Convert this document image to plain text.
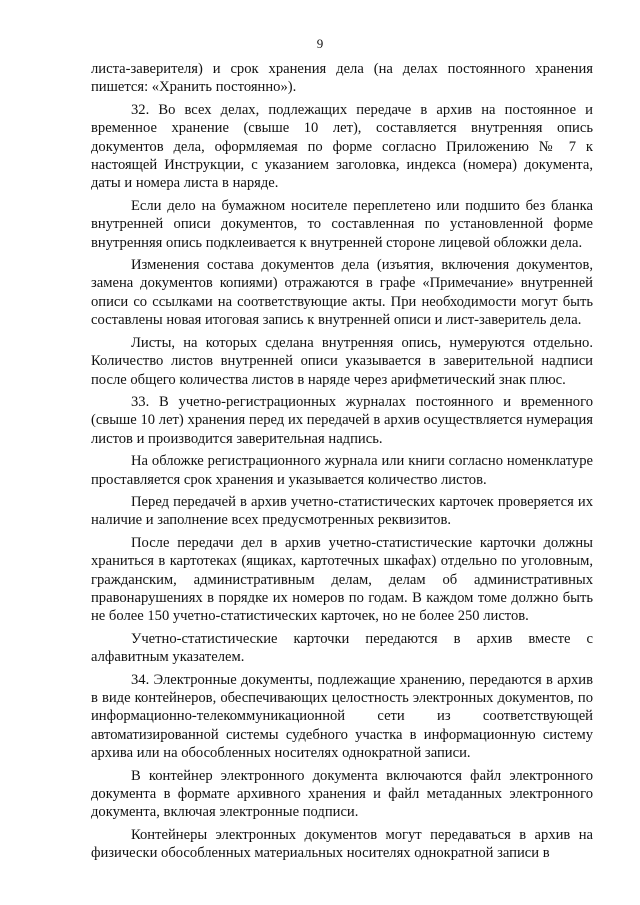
9

листа-заверителя) и срок хранения дела (на делах постоянного хранения пишется: «Хранить постоянно»).

32. Во всех делах, подлежащих передаче в архив на постоянное и временное хранение (свыше 10 лет), составляется внутренняя опись документов дела, оформляемая по форме согласно Приложению № 7 к настоящей Инструкции, с указанием заголовка, индекса (номера) документа, даты и номера листа в наряде.

Если дело на бумажном носителе переплетено или подшито без бланка внутренней описи документов, то составленная по установленной форме внутренняя опись подклеивается к внутренней стороне лицевой обложки дела.

Изменения состава документов дела (изъятия, включения документов, замена документов копиями) отражаются в графе «Примечание» внутренней описи со ссылками на соответствующие акты. При необходимости могут быть составлены новая итоговая запись к внутренней описи и лист-заверитель дела.

Листы, на которых сделана внутренняя опись, нумеруются отдельно. Количество листов внутренней описи указывается в заверительной надписи после общего количества листов в наряде через арифметический знак плюс.

33. В учетно-регистрационных журналах постоянного и временного (свыше 10 лет) хранения перед их передачей в архив осуществляется нумерация листов и производится заверительная надпись.

На обложке регистрационного журнала или книги согласно номенклатуре проставляется срок хранения и указывается количество листов.

Перед передачей в архив учетно-статистических карточек проверяется их наличие и заполнение всех предусмотренных реквизитов.

После передачи дел в архив учетно-статистические карточки должны храниться в картотеках (ящиках, картотечных шкафах) отдельно по уголовным, гражданским, административным делам, делам об административных правонарушениях в порядке их номеров по годам. В каждом томе должно быть не более 150 учетно-статистических карточек, но не более 250 листов.

Учетно-статистические карточки передаются в архив вместе с алфавитным указателем.

34. Электронные документы, подлежащие хранению, передаются в архив в виде контейнеров, обеспечивающих целостность электронных документов, по информационно-телекоммуникационной сети из соответствующей автоматизированной системы судебного участка в информационную систему архива или на обособленных носителях однократной записи.

В контейнер электронного документа включаются файл электронного документа в формате архивного хранения и файл метаданных электронного документа, включая электронные подписи.

Контейнеры электронных документов могут передаваться в архив на физически обособленных материальных носителях однократной записи в
